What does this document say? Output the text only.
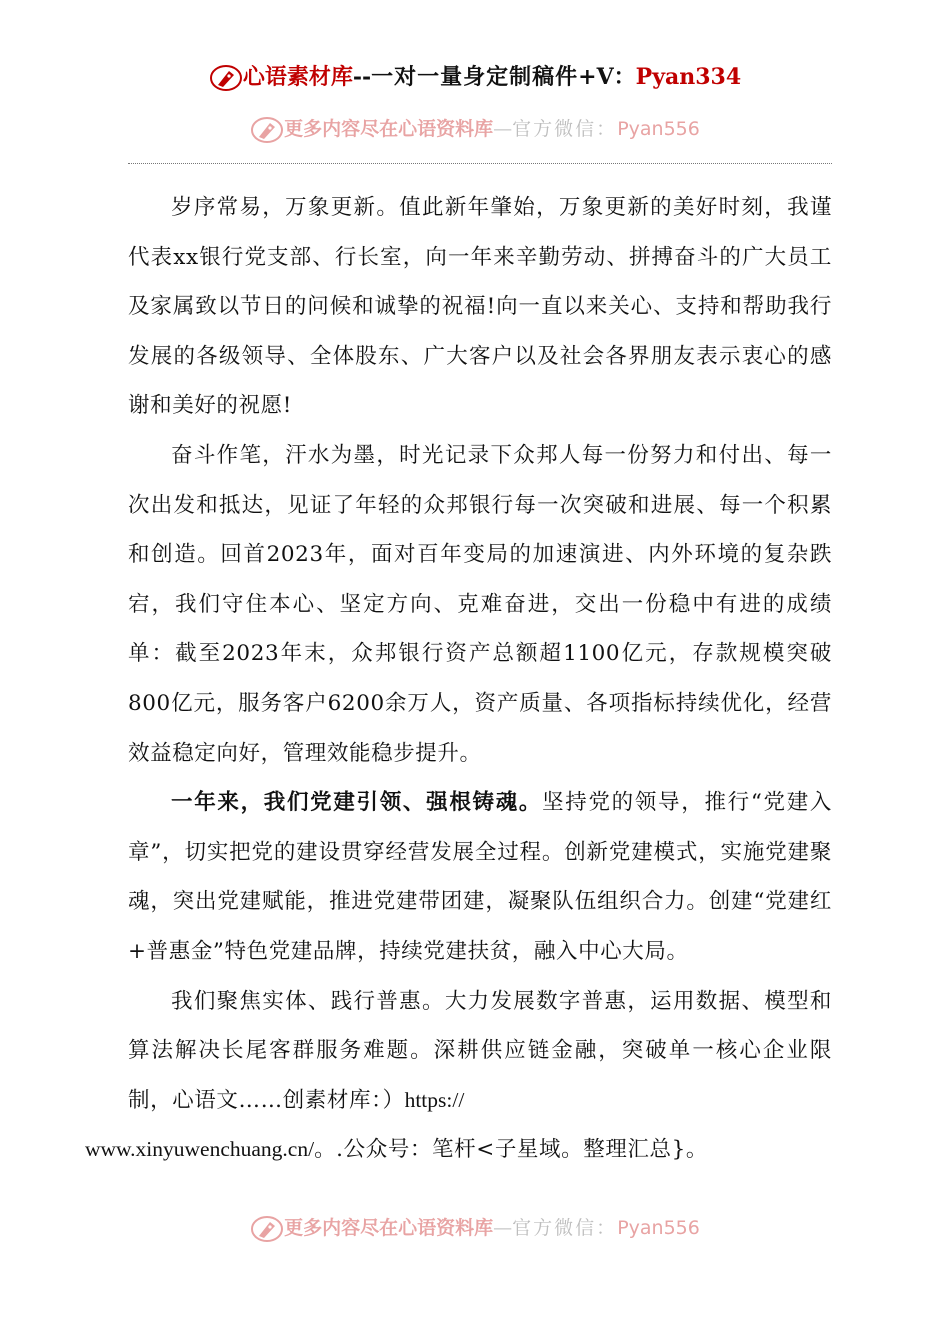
心语素材库--一对一量身定制稿件+V：Pyan334
更多内容尽在心语资料库—官方微信：Pyan556

岁序常易，万象更新。值此新年肇始，万象更新的美好时刻，我谨代表xx银行党支部、行长室，向一年来辛勤劳动、拼搏奋斗的广大员工及家属致以节日的问候和诚挚的祝福!向一直以来关心、支持和帮助我行发展的各级领导、全体股东、广大客户以及社会各界朋友表示衷心的感谢和美好的祝愿!

奋斗作笔，汗水为墨，时光记录下众邦人每一份努力和付出、每一次出发和抵达，见证了年轻的众邦银行每一次突破和进展、每一个积累和创造。回首2023年，面对百年变局的加速演进、内外环境的复杂跌宕，我们守住本心、坚定方向、克难奋进，交出一份稳中有进的成绩单：截至2023年末，众邦银行资产总额超1100亿元，存款规模突破800亿元，服务客户6200余万人，资产质量、各项指标持续优化，经营效益稳定向好，管理效能稳步提升。

一年来，我们党建引领、强根铸魂。坚持党的领导，推行“党建入章”，切实把党的建设贯穿经营发展全过程。创新党建模式，实施党建聚魂，突出党建赋能，推进党建带团建，凝聚队伍组织合力。创建“党建红+普惠金”特色党建品牌，持续党建扶贫，融入中心大局。

我们聚焦实体、践行普惠。大力发展数字普惠，运用数据、模型和算法解决长尾客群服务难题。深耕供应链金融，突破单一核心企业限制，心语文……创素材库：）https://
www.xinyuwenchuang.cn/。.公众号：笔杆<子星域。整理汇总}。

更多内容尽在心语资料库—官方微信：Pyan556
